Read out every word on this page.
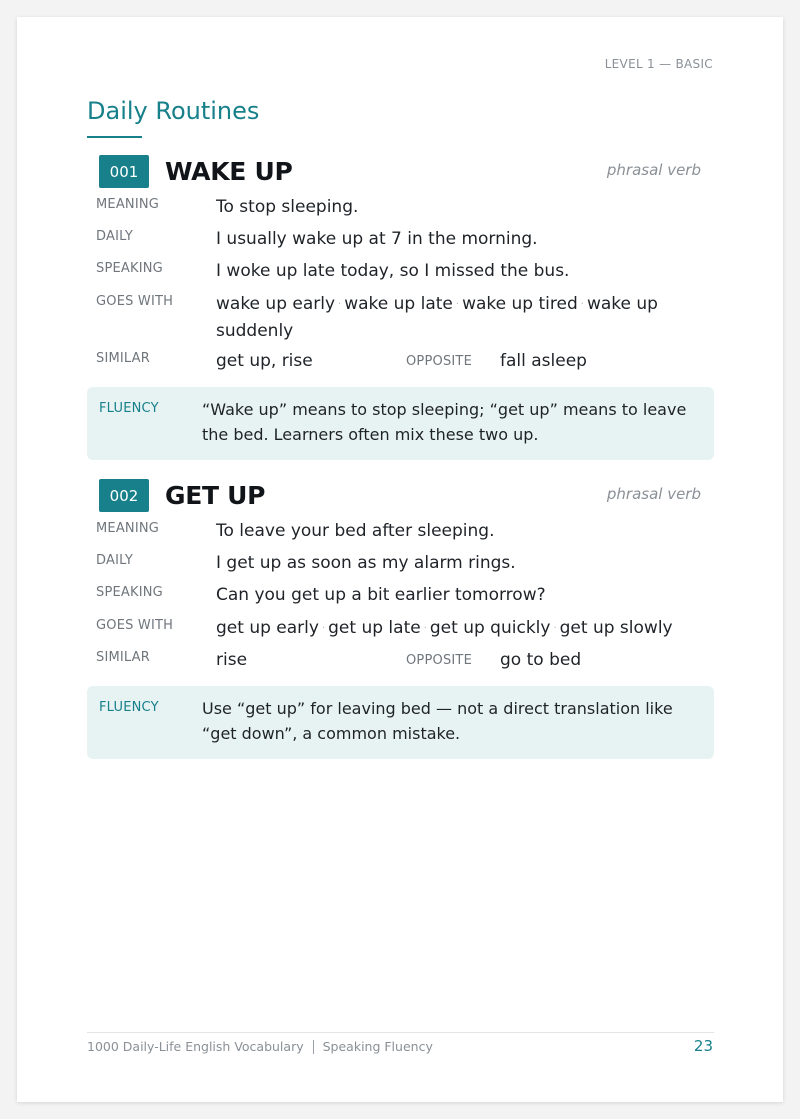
LEVEL 1 — BASIC
Daily Routines
001	WAKE UP	phrasal verb
MEANING	To stop sleeping.
DAILY	I usually wake up at 7 in the morning.
SPEAKING	I woke up late today, so I missed the bus.
GOES WITH	wake up early · wake up late · wake up tired · wake up suddenly
SIMILAR	get up, rise	OPPOSITE fall asleep
FLUENCY	“Wake up” means to stop sleeping; “get up” means to leave the bed. Learners often mix these two up.
002	GET UP	phrasal verb
MEANING	To leave your bed after sleeping.
DAILY	I get up as soon as my alarm rings.
SPEAKING	Can you get up a bit earlier tomorrow?
GOES WITH	get up early · get up late · get up quickly · get up slowly
SIMILAR	rise	OPPOSITE go to bed
FLUENCY	Use “get up” for leaving bed — not a direct translation like “get down”, a common mistake.
1000 Daily-Life English Vocabulary Speaking Fluency	23
